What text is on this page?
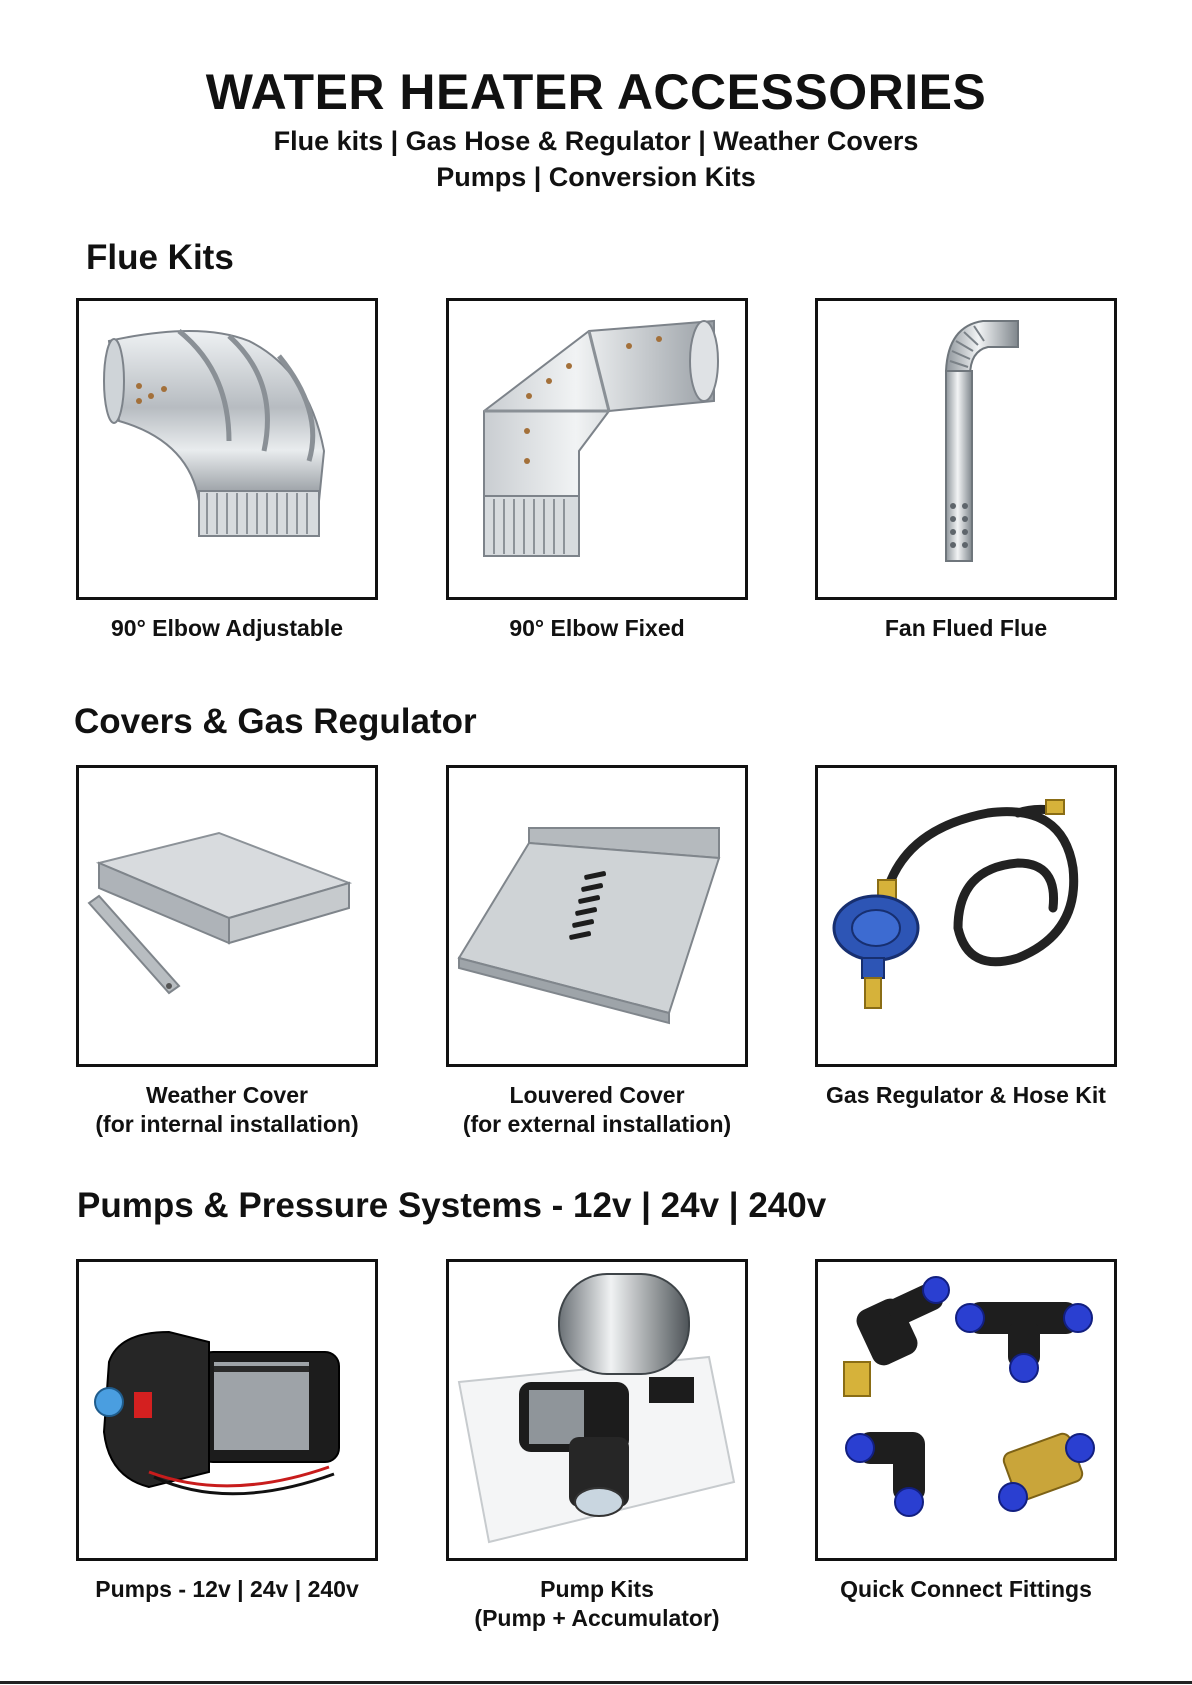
WATER HEATER ACCESSORIES

Flue kits | Gas Hose & Regulator | Weather Covers

Pumps | Conversion Kits

Flue Kits
90° Elbow Adjustable	90° Elbow Fixed	Fan Flued Flue
Covers & Gas Regulator
Weather Cover
(for internal installation)
Louvered Cover
(for external installation)
Gas Regulator & Hose Kit
Pumps & Pressure Systems - 12v | 24v | 240v
Pumps - 12v | 24v | 240v	Pump Kits
(Pump + Accumulator)
Quick Connect Fittings
